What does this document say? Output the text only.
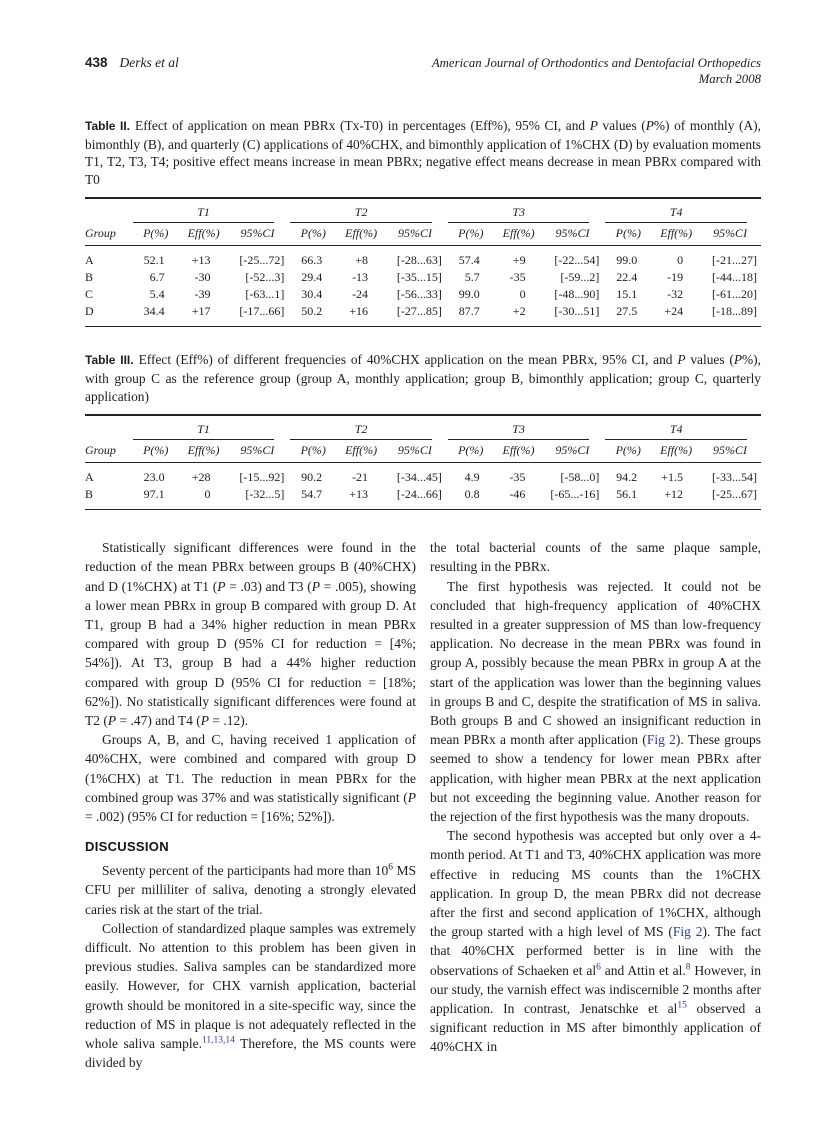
438 Derks et al	American Journal of Orthodontics and Dentofacial Orthopedics
March 2008

Table II. Effect of application on mean PBRx (Tx-T0) in percentages (Eff%), 95% CI, and P values (P%) of monthly (A), bimonthly (B), and quarterly (C) applications of 40%CHX, and bimonthly application of 1%CHX (D) by evaluation moments T1, T2, T3, T4; positive effect means increase in mean PBRx; negative effect means decrease in mean PBRx compared with T0

	T1			T2			T3			T4		

Group	P(%)	Eff(%)	95%CI	P(%)	Eff(%)	95%CI	P(%)	Eff(%)	95%CI	P(%)	Eff(%)	95%CI
A	52.1	+13	[-25...72]	66.3	+8	[-28...63]	57.4	+9	[-22...54]	99.0	0	[-21...27]
B	6.7	-30	[-52...3]	29.4	-13	[-35...15]	5.7	-35	[-59...2]	22.4	-19	[-44...18]
C	5.4	-39	[-63...1]	30.4	-24	[-56...33]	99.0	0	[-48...90]	15.1	-32	[-61...20]
D	34.4	+17	[-17...66]	50.2	+16	[-27...85]	87.7	+2	[-30...51]	27.5	+24	[-18...89]

Table III. Effect (Eff%) of different frequencies of 40%CHX application on the mean PBRx, 95% CI, and P values (P%), with group C as the reference group (group A, monthly application; group B, bimonthly application; group C, quarterly application)

	T1			T2			T3			T4		

Group	P(%)	Eff(%)	95%CI	P(%)	Eff(%)	95%CI	P(%)	Eff(%)	95%CI	P(%)	Eff(%)	95%CI
A	23.0	+28	[-15...92]	90.2	-21	[-34...45]	4.9	-35	[-58...0]	94.2	+1.5	[-33...54]
B	97.1	0	[-32...5]	54.7	+13	[-24...66]	0.8	-46	[-65...-16]	56.1	+12	[-25...67]

Statistically significant differences were found in the reduction of the mean PBRx between groups B (40%CHX) and D (1%CHX) at T1 (P = .03) and T3 (P = .005), showing a lower mean PBRx in group B compared with group D. At T1, group B had a 34% higher reduction in mean PBRx compared with group D (95% CI for reduction = [4%; 54%]). At T3, group B had a 44% higher reduction compared with group D (95% CI for reduction = [18%; 62%]). No statistically significant differences were found at T2 (P = .47) and T4 (P = .12).

Groups A, B, and C, having received 1 application of 40%CHX, were combined and compared with group D (1%CHX) at T1. The reduction in mean PBRx for the combined group was 37% and was statistically significant (P = .002) (95% CI for reduction = [16%; 52%]).

DISCUSSION

Seventy percent of the participants had more than $10^6$ MS CFU per milliliter of saliva, denoting a strongly elevated caries risk at the start of the trial.

Collection of standardized plaque samples was extremely difficult. No attention to this problem has been given in previous studies. Saliva samples can be standardized more easily. However, for CHX varnish application, bacterial growth should be monitored in a site-specific way, since the reduction of MS in plaque is not adequately reflected in the whole saliva sample.$^{11,13,14}$ Therefore, the MS counts were divided by

the total bacterial counts of the same plaque sample, resulting in the PBRx.

The first hypothesis was rejected. It could not be concluded that high-frequency application of 40%CHX resulted in a greater suppression of MS than low-frequency application. No decrease in the mean PBRx was found in group A, possibly because the mean PBRx in group A at the start of the application was lower than the beginning values in groups B and C, despite the stratification of MS in saliva. Both groups B and C showed an insignificant reduction in mean PBRx a month after application (Fig 2). These groups seemed to show a tendency for lower mean PBRx after application, with higher mean PBRx at the next application but not exceeding the beginning value. Another reason for the rejection of the first hypothesis was the many dropouts.

The second hypothesis was accepted but only over a 4-month period. At T1 and T3, 40%CHX application was more effective in reducing MS counts than the 1%CHX application. In group D, the mean PBRx did not decrease after the first and second application of 1%CHX, although the group started with a high level of MS (Fig 2). The fact that 40%CHX performed better is in line with the observations of Schaeken et $al^6$ and Attin et al.$^8$ However, in our study, the varnish effect was indiscernible 2 months after application. In contrast, Jenatschke et $al^{15}$ observed a significant reduction in MS after bimonthly application of 40%CHX in
